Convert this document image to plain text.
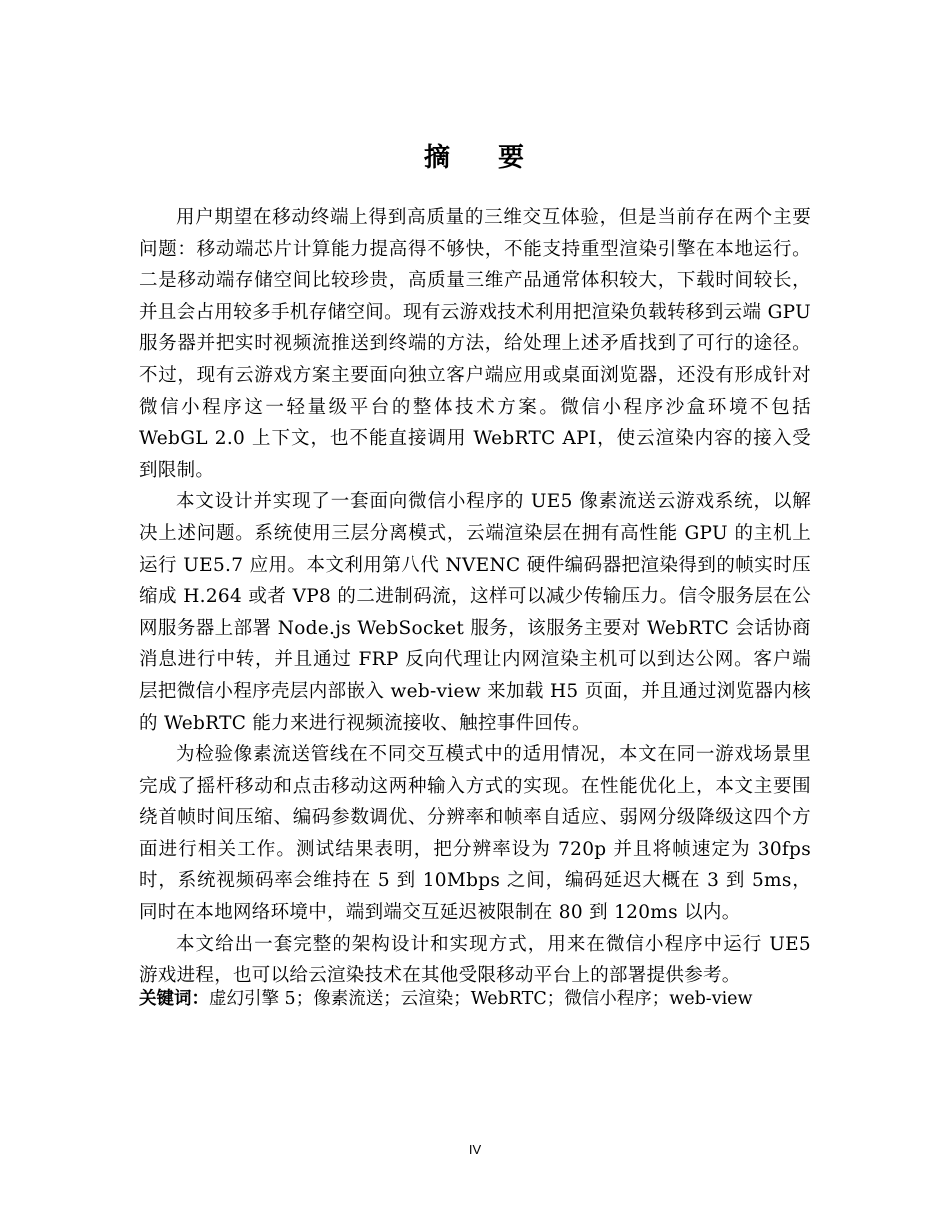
摘 要

用户期望在移动终端上得到高质量的三维交互体验，但是当前存在两个主要问题：移动端芯片计算能力提高得不够快，不能支持重型渲染引擎在本地运行。二是移动端存储空间比较珍贵，高质量三维产品通常体积较大，下载时间较长，并且会占用较多手机存储空间。现有云游戏技术利用把渲染负载转移到云端 GPU 服务器并把实时视频流推送到终端的方法，给处理上述矛盾找到了可行的途径。不过，现有云游戏方案主要面向独立客户端应用或桌面浏览器，还没有形成针对微信小程序这一轻量级平台的整体技术方案。微信小程序沙盒环境不包括 WebGL 2.0 上下文，也不能直接调用 WebRTC API，使云渲染内容的接入受到限制。

本文设计并实现了一套面向微信小程序的 UE5 像素流送云游戏系统，以解决上述问题。系统使用三层分离模式，云端渲染层在拥有高性能 GPU 的主机上运行 UE5.7 应用。本文利用第八代 NVENC 硬件编码器把渲染得到的帧实时压缩成 H.264 或者 VP8 的二进制码流，这样可以减少传输压力。信令服务层在公网服务器上部署 Node.js WebSocket 服务，该服务主要对 WebRTC 会话协商消息进行中转，并且通过 FRP 反向代理让内网渲染主机可以到达公网。客户端层把微信小程序壳层内部嵌入 web-view 来加载 H5 页面，并且通过浏览器内核的 WebRTC 能力来进行视频流接收、触控事件回传。

为检验像素流送管线在不同交互模式中的适用情况，本文在同一游戏场景里完成了摇杆移动和点击移动这两种输入方式的实现。在性能优化上，本文主要围绕首帧时间压缩、编码参数调优、分辨率和帧率自适应、弱网分级降级这四个方面进行相关工作。测试结果表明，把分辨率设为 720p 并且将帧速定为 30fps 时，系统视频码率会维持在 5 到 10Mbps 之间，编码延迟大概在 3 到 5ms，同时在本地网络环境中，端到端交互延迟被限制在 80 到 120ms 以内。

本文给出一套完整的架构设计和实现方式，用来在微信小程序中运行 UE5 游戏进程，也可以给云渲染技术在其他受限移动平台上的部署提供参考。

关键词：虚幻引擎 5；像素流送；云渲染；WebRTC；微信小程序；web-view
IV
